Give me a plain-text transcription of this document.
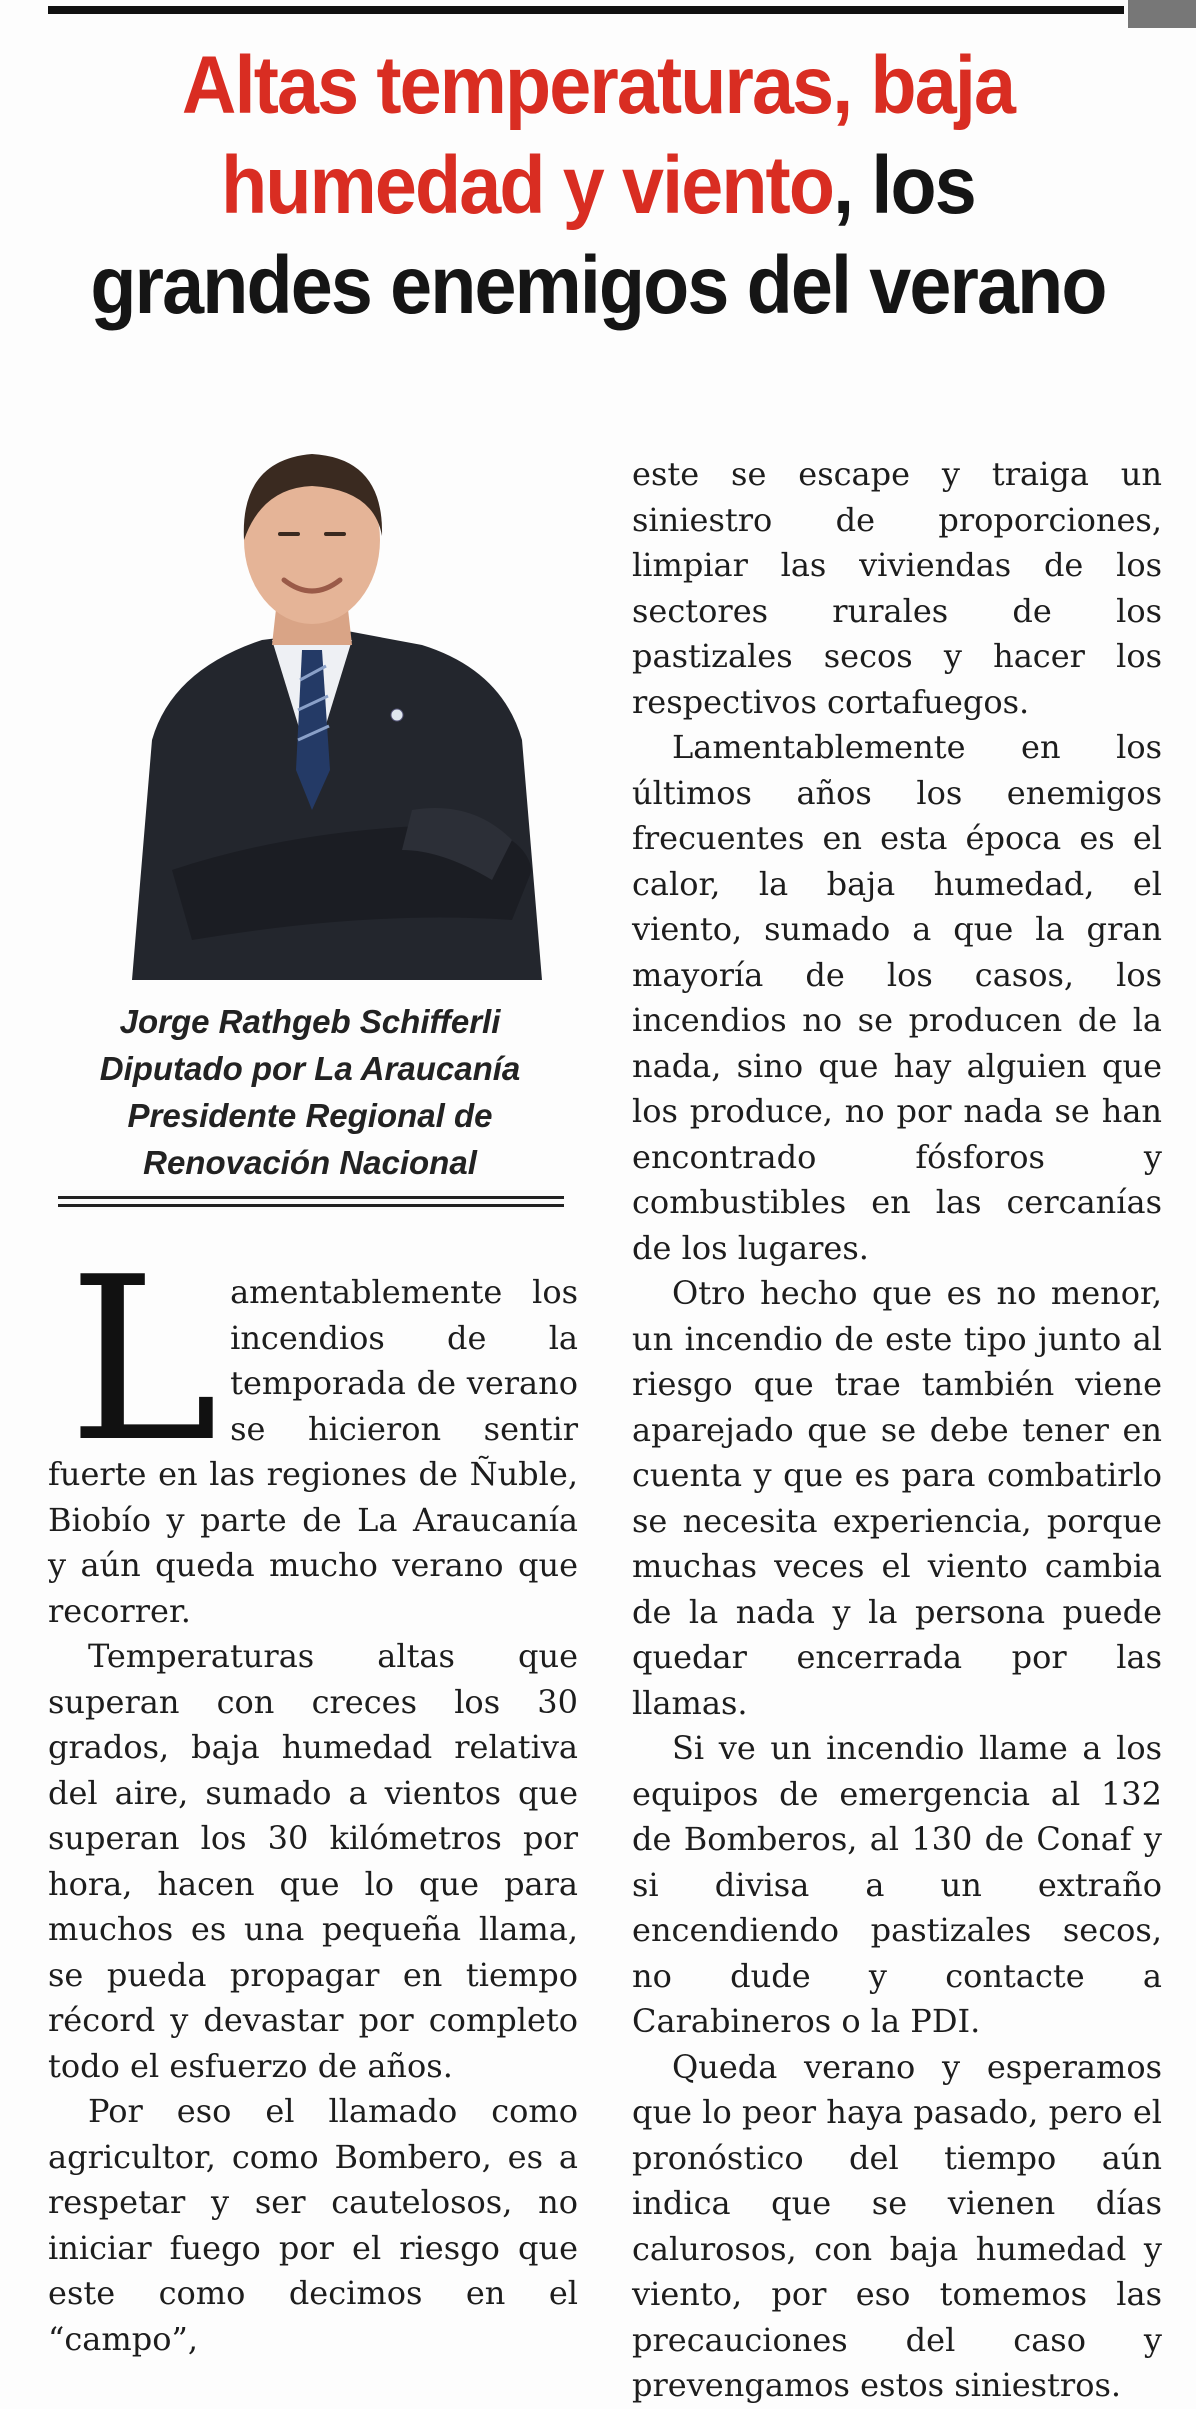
Altas temperaturas, baja humedad y viento, los grandes enemigos del verano
Jorge Rathgeb Schifferli
Diputado por La Araucanía
Presidente Regional de
Renovación Nacional

Lamentablemente los incendios de la temporada de verano se hicieron sentir fuerte en las regiones de Ñuble, Biobío y parte de La Araucanía y aún queda mucho verano que recorrer.

Temperaturas altas que superan con creces los 30 grados, baja humedad relativa del aire, sumado a vientos que superan los 30 kilómetros por hora, hacen que lo que para muchos es una pequeña llama, se pueda propagar en tiempo récord y devastar por completo todo el esfuerzo de años.

Por eso el llamado como agricultor, como Bombero, es a respetar y ser cautelosos, no iniciar fuego por el riesgo que este como decimos en el “campo”,

este se escape y traiga un siniestro de proporciones, limpiar las viviendas de los sectores rurales de los pastizales secos y hacer los respectivos cortafuegos.

Lamentablemente en los últimos años los enemigos frecuentes en esta época es el calor, la baja humedad, el viento, sumado a que la gran mayoría de los casos, los incendios no se producen de la nada, sino que hay alguien que los produce, no por nada se han encontrado fósforos y combustibles en las cercanías de los lugares.

Otro hecho que es no menor, un incendio de este tipo junto al riesgo que trae también viene aparejado que se debe tener en cuenta y que es para combatirlo se necesita experiencia, porque muchas veces el viento cambia de la nada y la persona puede quedar encerrada por las llamas.

Si ve un incendio llame a los equipos de emergencia al 132 de Bomberos, al 130 de Conaf y si divisa a un extraño encendiendo pastizales secos, no dude y contacte a Carabineros o la PDI.

Queda verano y esperamos que lo peor haya pasado, pero el pronóstico del tiempo aún indica que se vienen días calurosos, con baja humedad y viento, por eso tomemos las precauciones del caso y prevengamos estos siniestros.
